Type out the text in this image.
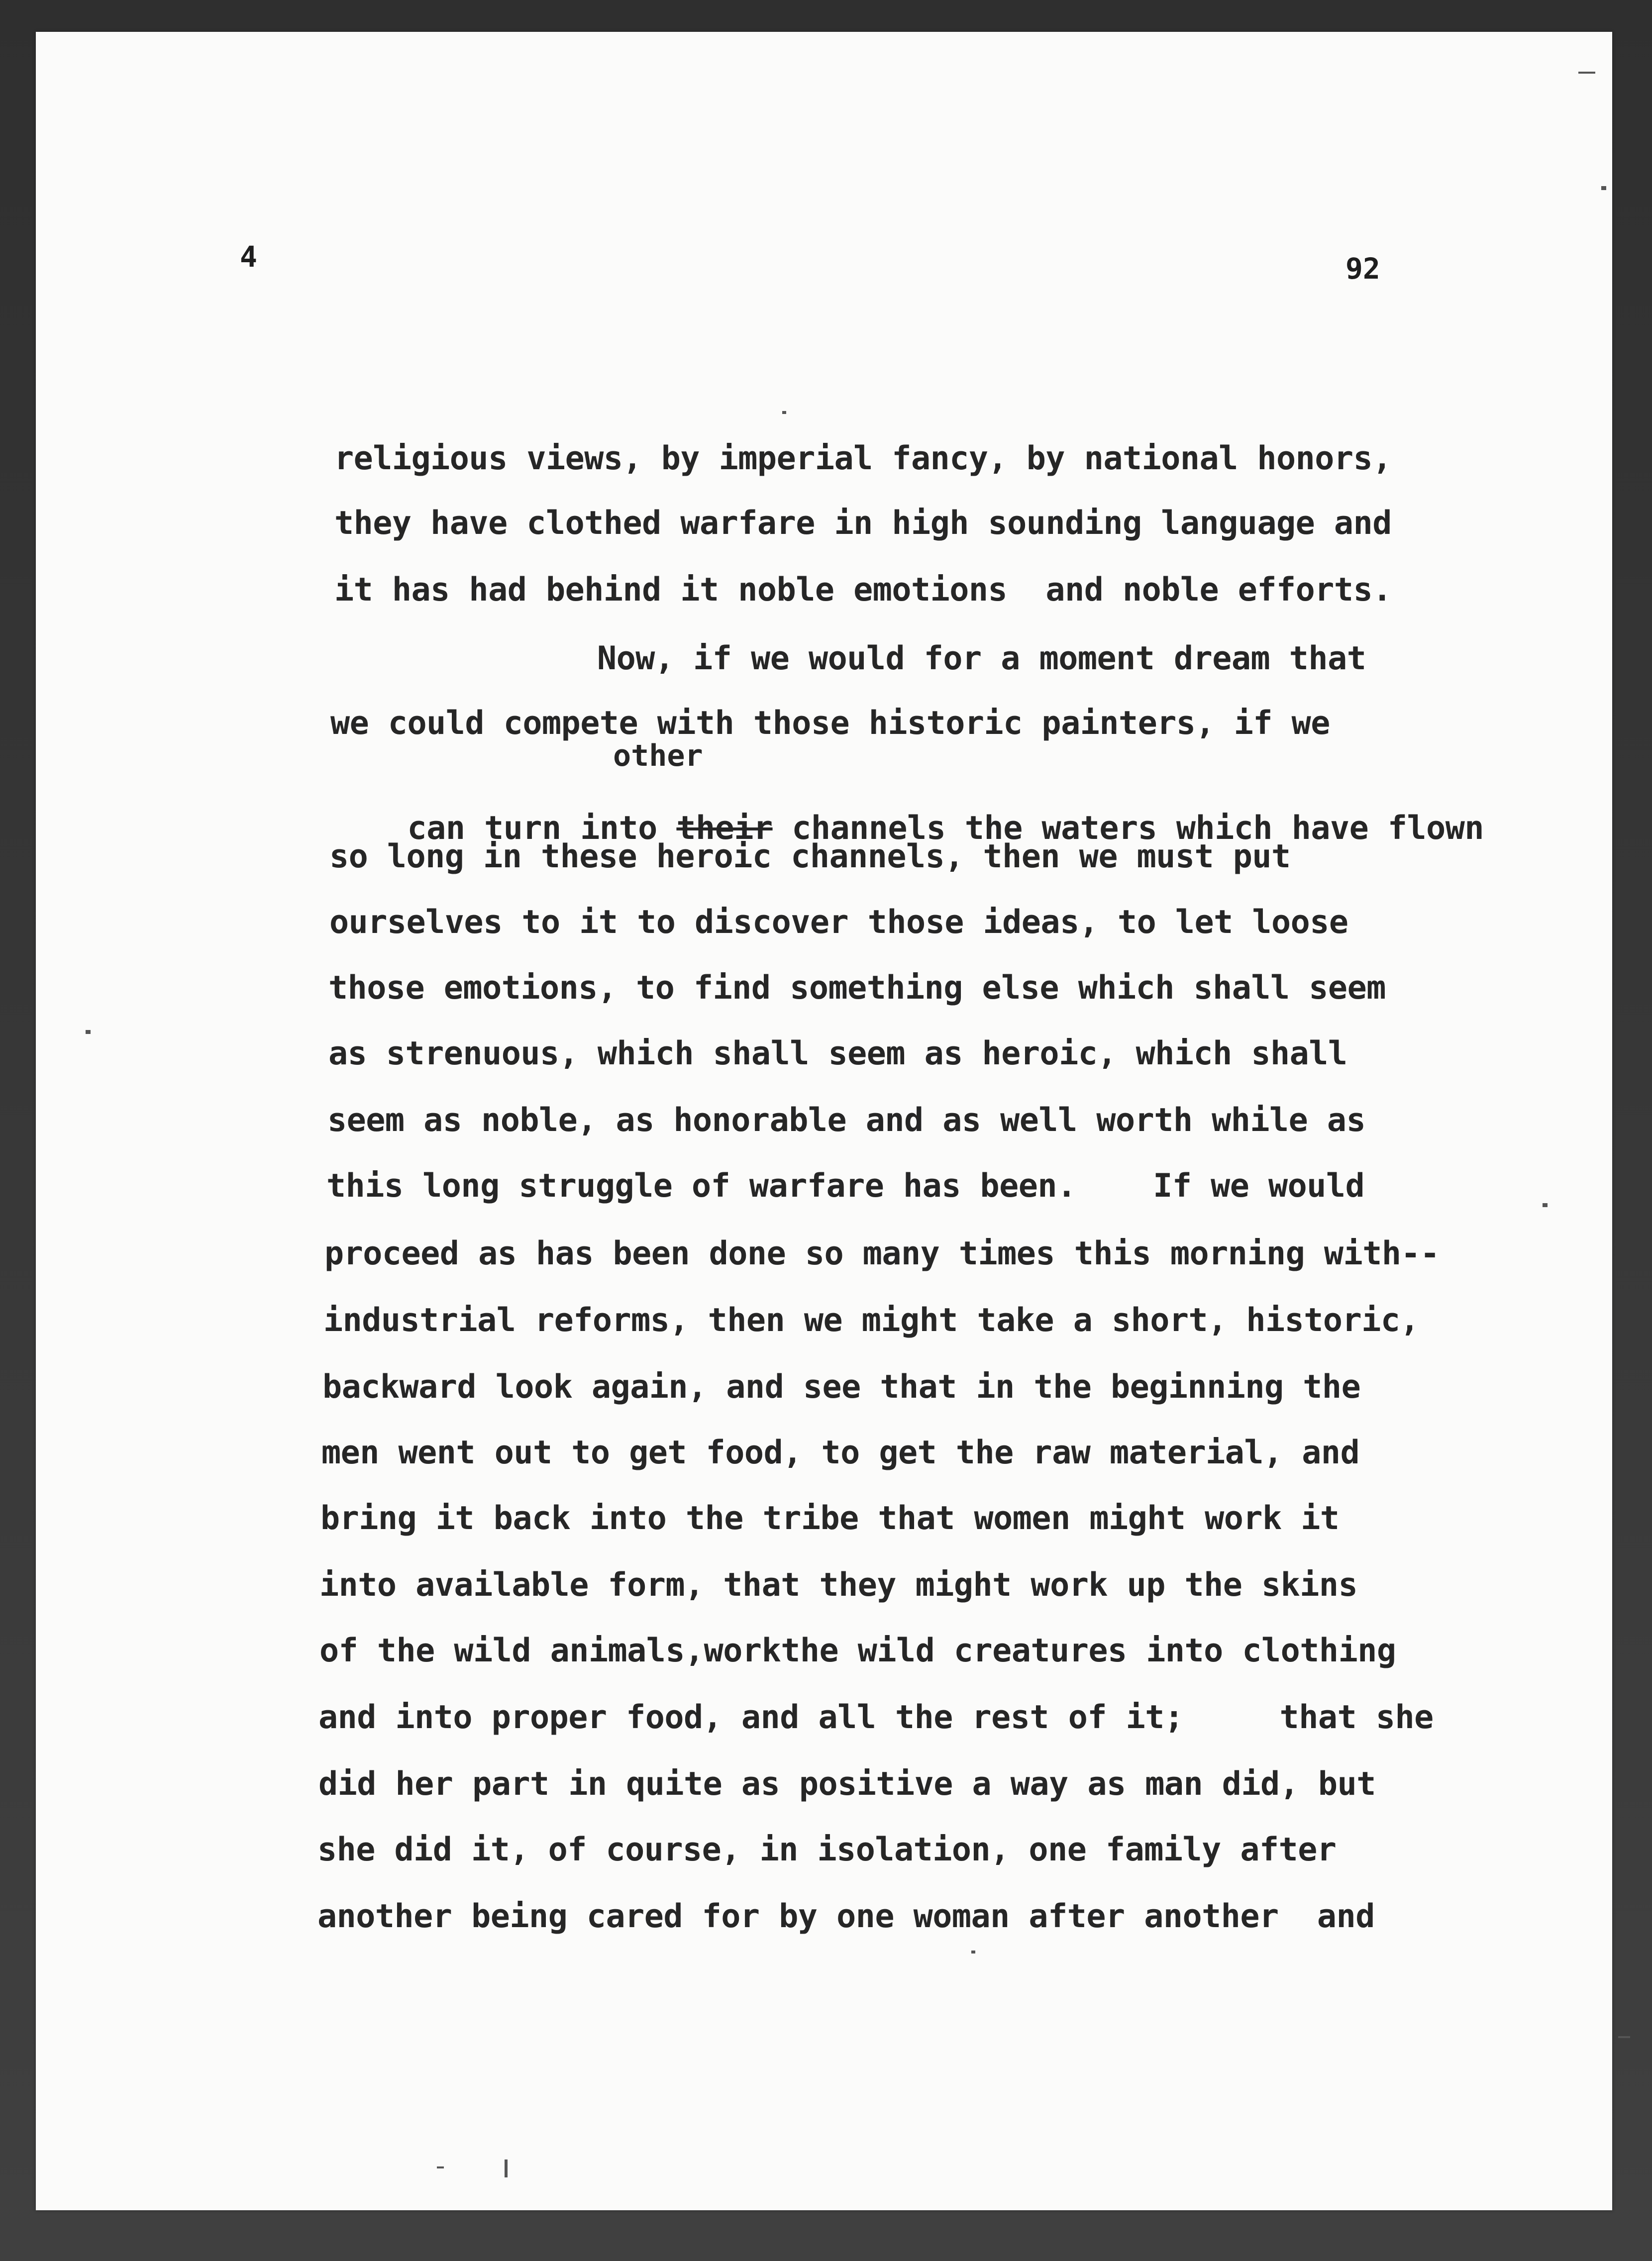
4	92
other
religious views, by imperial fancy, by national honors,
they have clothed warfare in high sounding language and
it has had behind it noble emotions  and noble efforts.
Now, if we would for a moment dream that
we could compete with those historic painters, if we

can turn into their channels the waters which have flown

so long in these heroic channels, then we must put
ourselves to it to discover those ideas, to let loose
those emotions, to find something else which shall seem
as strenuous, which shall seem as heroic, which shall
seem as noble, as honorable and as well worth while as
this long struggle of warfare has been.    If we would
proceed as has been done so many times this morning with--
industrial reforms, then we might take a short, historic,
backward look again, and see that in the beginning the
men went out to get food, to get the raw material, and
bring it back into the tribe that women might work it
into available form, that they might work up the skins
of the wild animals,workthe wild creatures into clothing
and into proper food, and all the rest of it;     that she
did her part in quite as positive a way as man did, but
she did it, of course, in isolation, one family after
another being cared for by one woman after another  and
